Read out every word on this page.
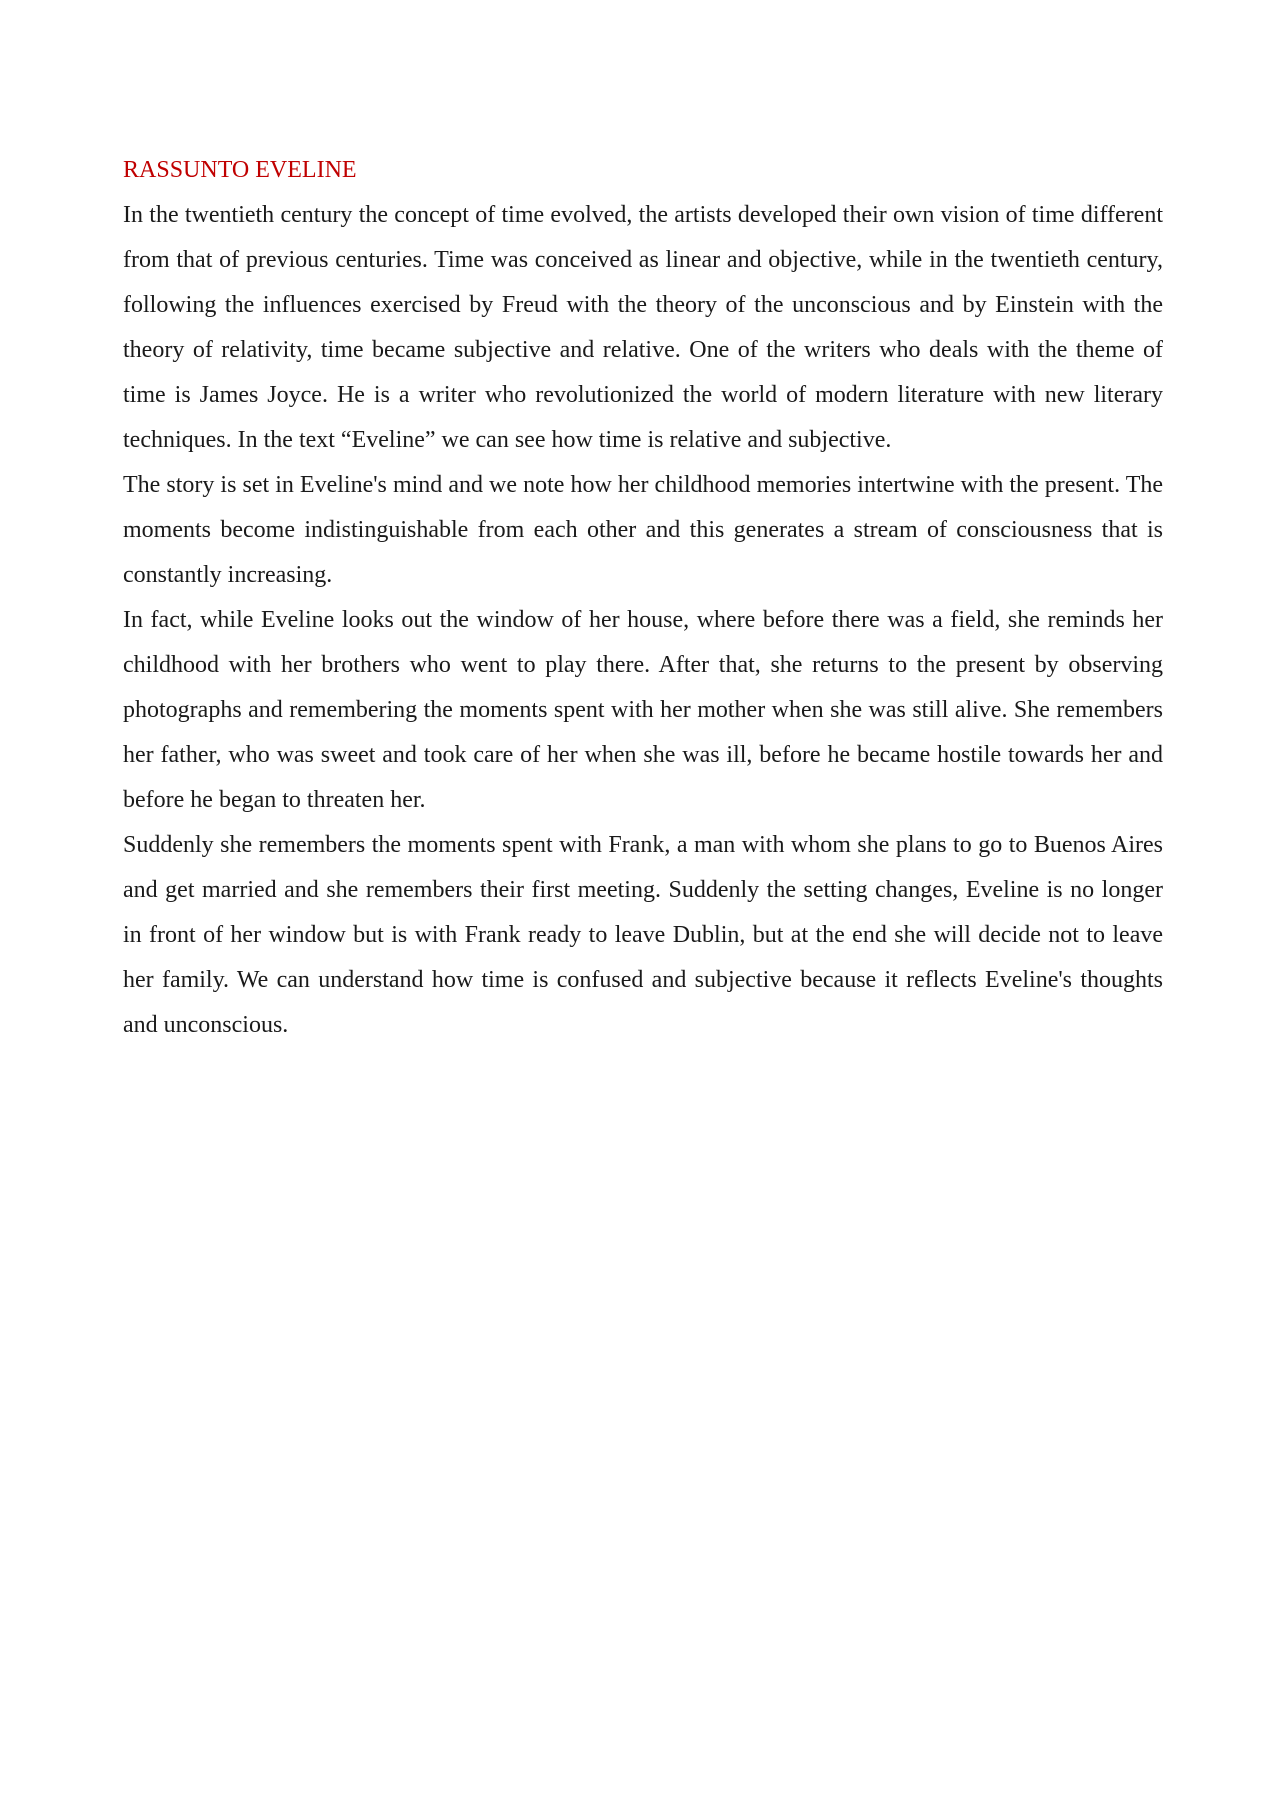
RASSUNTO EVELINE

In the twentieth century the concept of time evolved, the artists developed their own vision of time different from that of previous centuries. Time was conceived as linear and objective, while in the twentieth century, following the influences exercised by Freud with the theory of the unconscious and by Einstein with the theory of relativity, time became subjective and relative. One of the writers who deals with the theme of time is James Joyce. He is a writer who revolutionized the world of modern literature with new literary techniques. In the text “Eveline” we can see how time is relative and subjective.

The story is set in Eveline's mind and we note how her childhood memories intertwine with the present. The moments become indistinguishable from each other and this generates a stream of consciousness that is constantly increasing.

In fact, while Eveline looks out the window of her house, where before there was a field, she reminds her childhood with her brothers who went to play there. After that, she returns to the present by observing photographs and remembering the moments spent with her mother when she was still alive. She remembers her father, who was sweet and took care of her when she was ill, before he became hostile towards her and before he began to threaten her.

Suddenly she remembers the moments spent with Frank, a man with whom she plans to go to Buenos Aires and get married and she remembers their first meeting. Suddenly the setting changes, Eveline is no longer in front of her window but is with Frank ready to leave Dublin, but at the end she will decide not to leave her family. We can understand how time is confused and subjective because it reflects Eveline's thoughts and unconscious.
